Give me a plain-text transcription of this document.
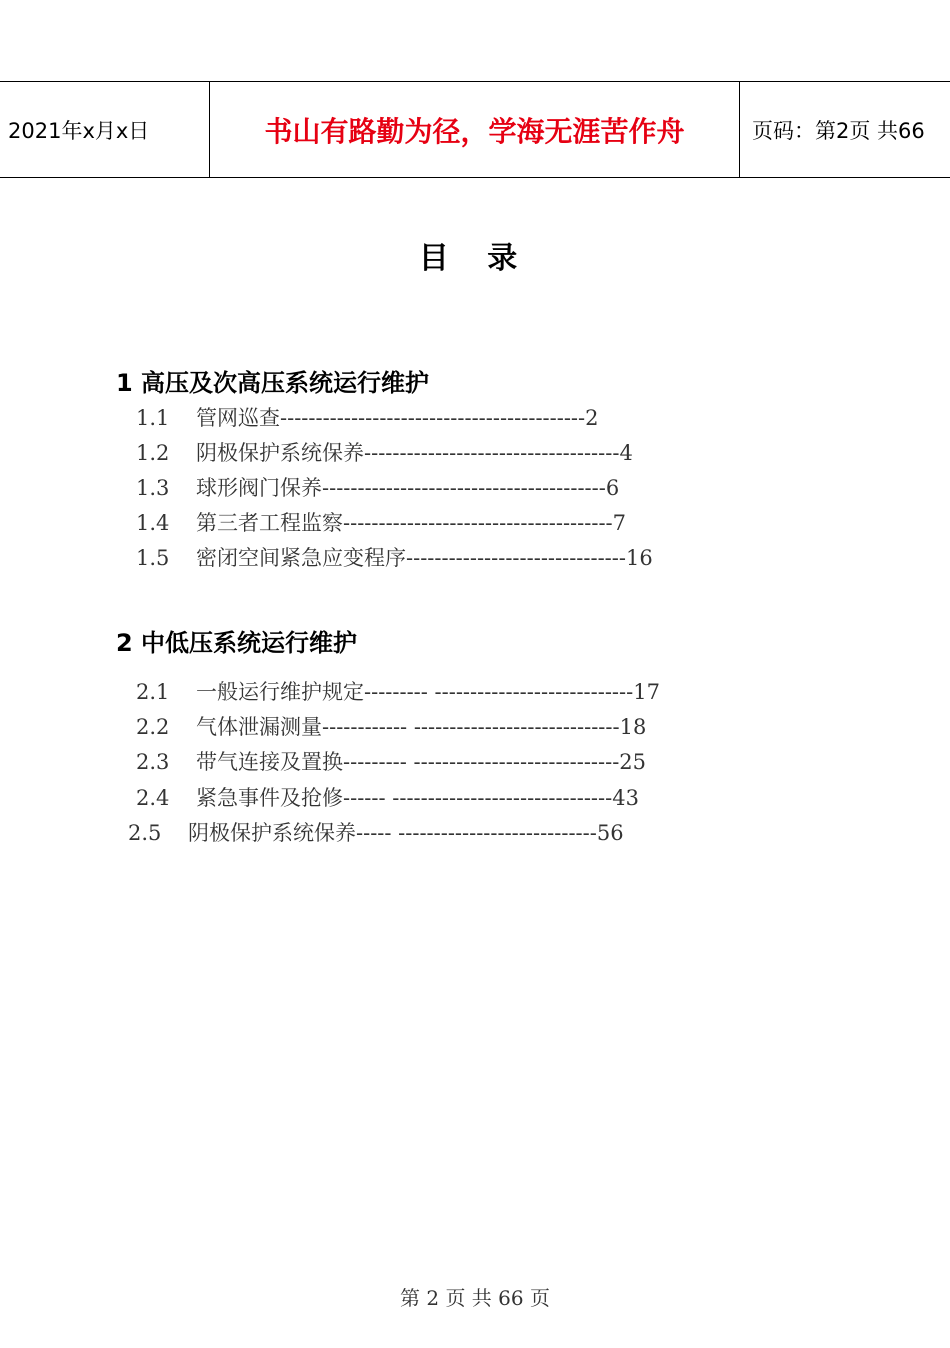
2021年x月x日	书山有路勤为径，学海无涯苦作舟	页码：第2页 共66
目 录
1 高压及次高压系统运行维护
1.1 管网巡查-------------------------------------------2
1.2 阴极保护系统保养------------------------------------4
1.3 球形阀门保养----------------------------------------6
1.4 第三者工程监察--------------------------------------7
1.5 密闭空间紧急应变程序-------------------------------16
2 中低压系统运行维护
2.1 一般运行维护规定--------- ----------------------------17
2.2 气体泄漏测量------------ -----------------------------18
2.3 带气连接及置换--------- -----------------------------25
2.4 紧急事件及抢修------ -------------------------------43
2.5 阴极保护系统保养----- ----------------------------56
第 2 页 共 66 页
